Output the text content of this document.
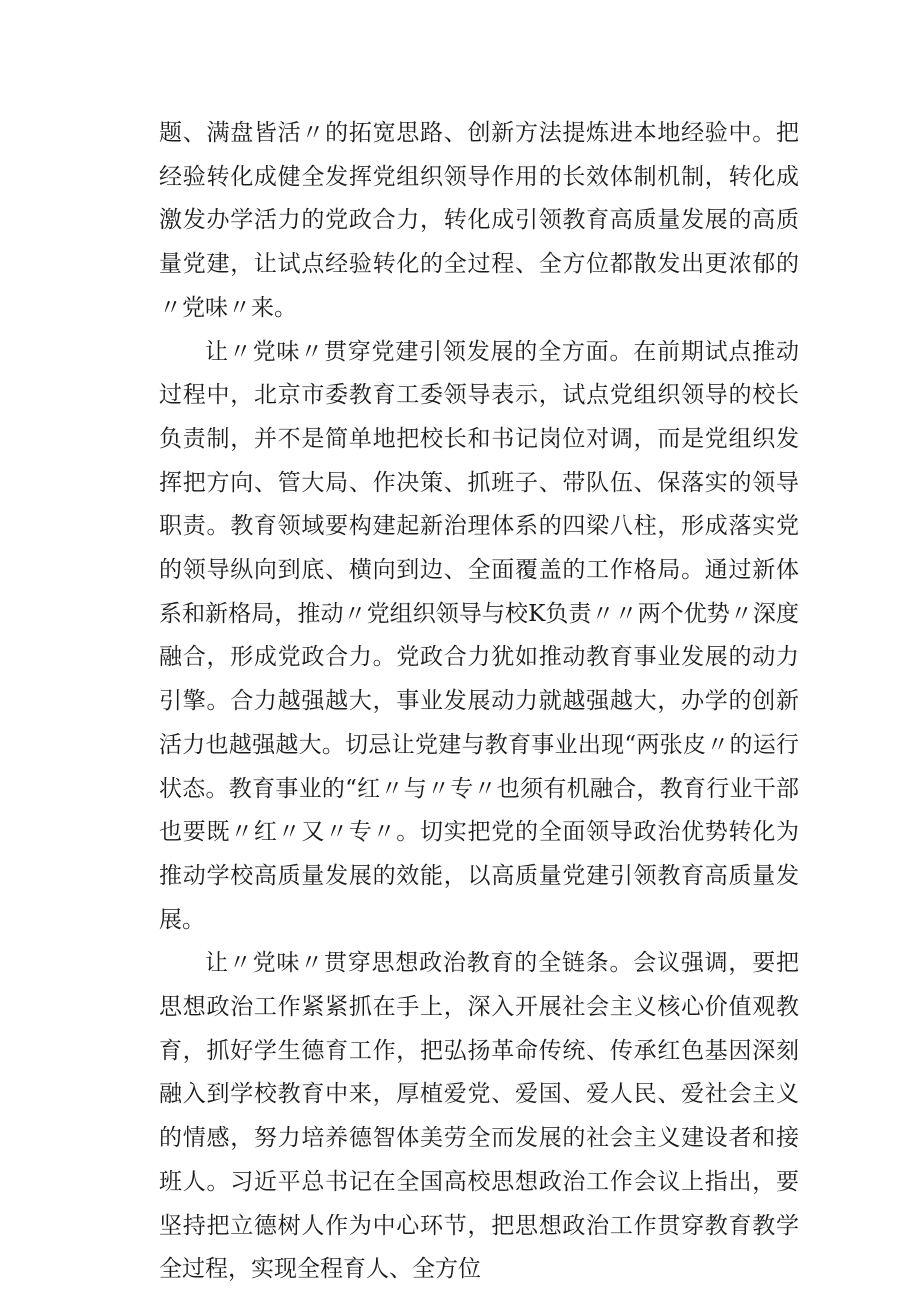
题、满盘皆活〃的拓宽思路、创新方法提炼进本地经验中。把经验转化成健全发挥党组织领导作用的长效体制机制，转化成激发办学活力的党政合力，转化成引领教育高质量发展的高质量党建，让试点经验转化的全过程、全方位都散发出更浓郁的〃党味〃来。

让〃党味〃贯穿党建引领发展的全方面。在前期试点推动过程中，北京市委教育工委领导表示，试点党组织领导的校长负责制，并不是简单地把校长和书记岗位对调，而是党组织发挥把方向、管大局、作决策、抓班子、带队伍、保落实的领导职责。教育领域要构建起新治理体系的四梁八柱，形成落实党的领导纵向到底、横向到边、全面覆盖的工作格局。通过新体系和新格局，推动〃党组织领导与校K负责〃〃两个优势〃深度融合，形成党政合力。党政合力犹如推动教育事业发展的动力引擎。合力越强越大，事业发展动力就越强越大，办学的创新活力也越强越大。切忌让党建与教育事业出现“两张皮〃的运行状态。教育事业的“红〃与〃专〃也须有机融合，教育行业干部也要既〃红〃又〃专〃。切实把党的全面领导政治优势转化为推动学校高质量发展的效能，以高质量党建引领教育高质量发展。

让〃党味〃贯穿思想政治教育的全链条。会议强调，要把思想政治工作紧紧抓在手上，深入开展社会主义核心价值观教育，抓好学生德育工作，把弘扬革命传统、传承红色基因深刻融入到学校教育中来，厚植爱党、爱国、爱人民、爱社会主义的情感，努力培养德智体美劳全而发展的社会主义建设者和接班人。习近平总书记在全国高校思想政治工作会议上指出，要坚持把立德树人作为中心环节，把思想政治工作贯穿教育教学全过程，实现全程育人、全方位
